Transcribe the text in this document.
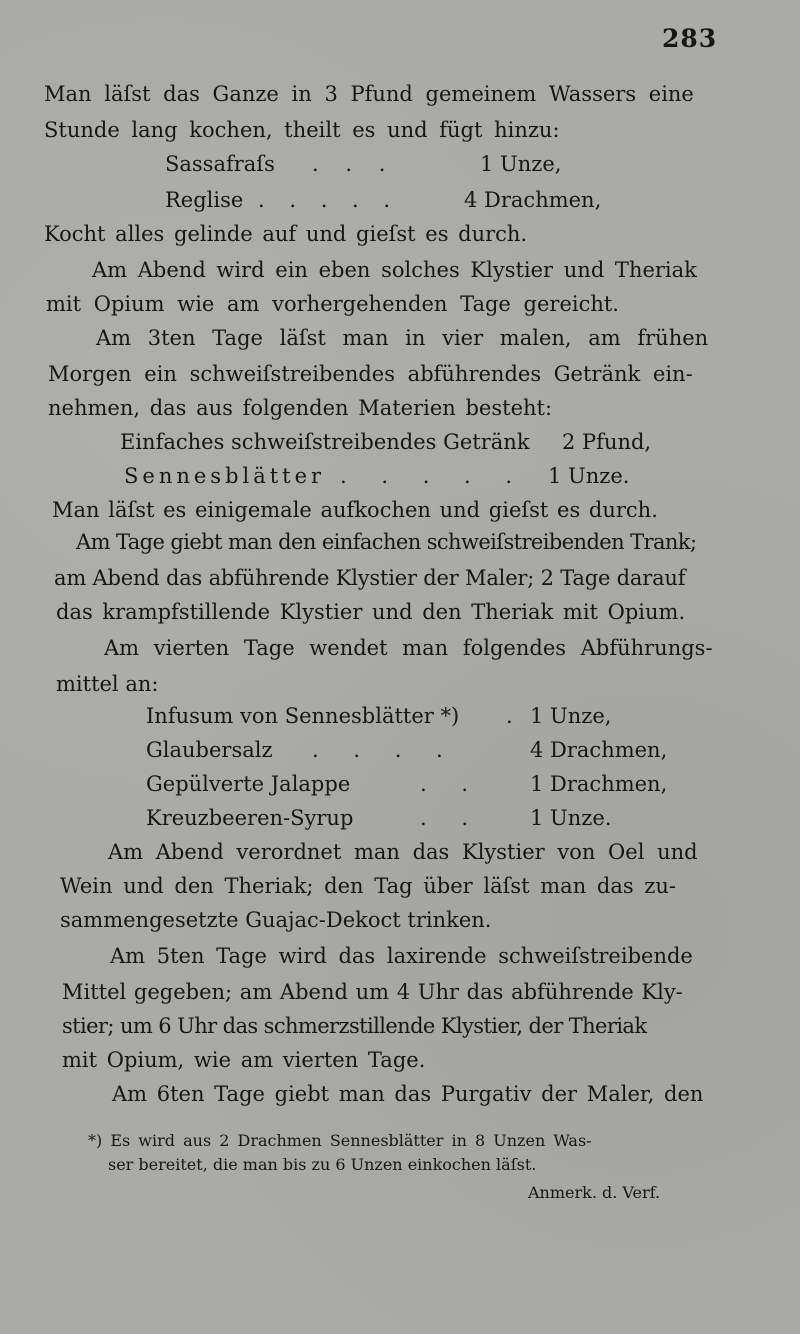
283
Man läſst das Ganze in 3 Pfund gemeinem Wassers eine
Stunde lang kochen, theilt es und fügt hinzu:
Sassafraſs . . .	1 Unze,
Reglise . . . . .	4 Drachmen,
Kocht alles gelinde auf und gieſst es durch.
Am Abend wird ein eben solches Klystier und Theriak
mit Opium wie am vorhergehenden Tage gereicht.
Am 3ten Tage läſst man in vier malen, am frühen
Morgen ein schweiſstreibendes abführendes Getränk ein-
nehmen, das aus folgenden Materien besteht:
Einfaches schweiſstreibendes Getränk 2 Pfund,
Sennesblätter . . . . . 1 Unze.
Man läſst es einigemale aufkochen und gieſst es durch.
Am Tage giebt man den einfachen schweiſstreibenden Trank;
am Abend das abführende Klystier der Maler; 2 Tage darauf
das krampfstillende Klystier und den Theriak mit Opium.
Am vierten Tage wendet man folgendes Abführungs-
mittel an:
Infusum von Sennesblätter *) . 1 Unze,
Glaubersalz . . . .	4 Drachmen,
Gepülverte Jalappe	. . 1 Drachmen,
Kreuzbeeren-Syrup	. . 1 Unze.
Am Abend verordnet man das Klystier von Oel und
Wein und den Theriak; den Tag über läſst man das zu-
sammengesetzte Guajac-Dekoct trinken.
Am 5ten Tage wird das laxirende schweiſstreibende
Mittel gegeben; am Abend um 4 Uhr das abführende Kly-
stier; um 6 Uhr das schmerzstillende Klystier, der Theriak
mit Opium, wie am vierten Tage.
Am 6ten Tage giebt man das Purgativ der Maler, den
*) Es wird aus 2 Drachmen Sennesblätter in 8 Unzen Was-
ser bereitet, die man bis zu 6 Unzen einkochen läſst.
Anmerk. d. Verf.
